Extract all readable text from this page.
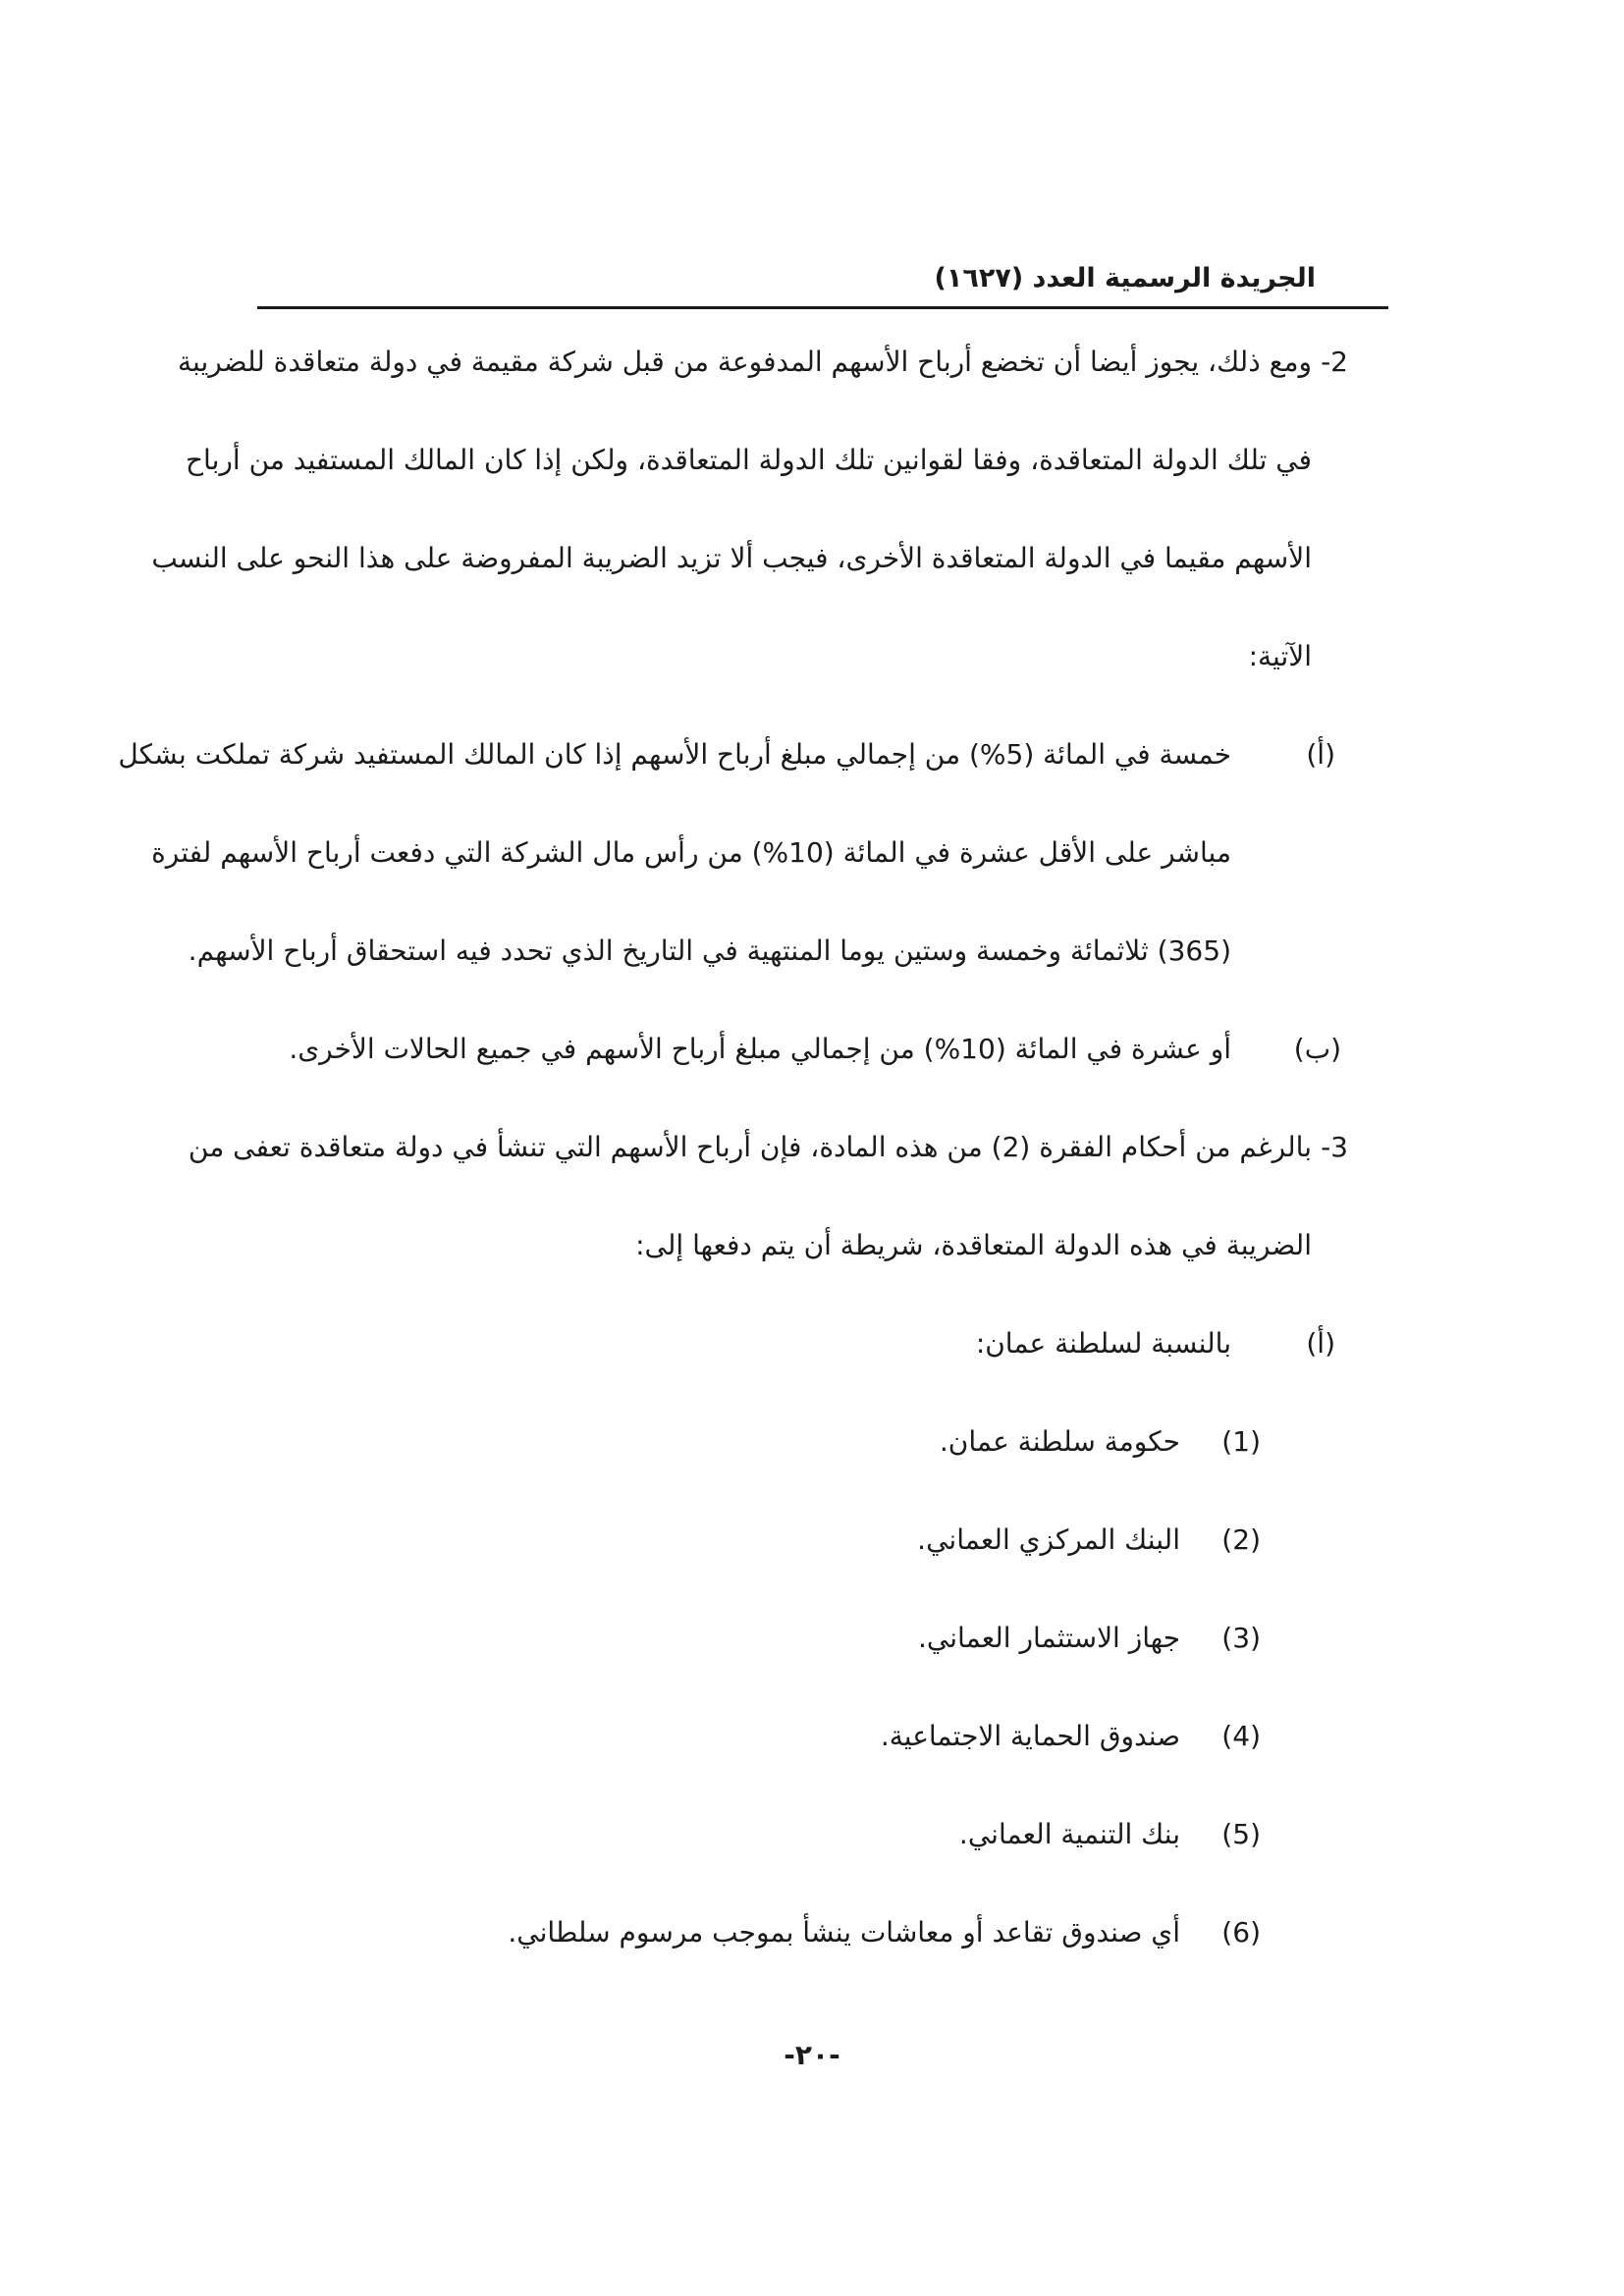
الجريدة الرسمية العدد (١٦٢٧)
2-
ومع ذلك، يجوز أيضا أن تخضع أرباح الأسهم المدفوعة من قبل شركة مقيمة في دولة متعاقدة للضريبة
في تلك الدولة المتعاقدة، وفقا لقوانين تلك الدولة المتعاقدة، ولكن إذا كان المالك المستفيد من أرباح
الأسهم مقيما في الدولة المتعاقدة الأخرى، فيجب ألا تزيد الضريبة المفروضة على هذا النحو على النسب
الآتية:
(أ)
خمسة في المائة (5%) من إجمالي مبلغ أرباح الأسهم إذا كان المالك المستفيد شركة تملكت بشكل
مباشر على الأقل عشرة في المائة (10%) من رأس مال الشركة التي دفعت أرباح الأسهم لفترة
(365) ثلاثمائة وخمسة وستين يوما المنتهية في التاريخ الذي تحدد فيه استحقاق أرباح الأسهم.
(ب)
أو عشرة في المائة (10%) من إجمالي مبلغ أرباح الأسهم في جميع الحالات الأخرى.
3-
بالرغم من أحكام الفقرة (2) من هذه المادة، فإن أرباح الأسهم التي تنشأ في دولة متعاقدة تعفى من
الضريبة في هذه الدولة المتعاقدة، شريطة أن يتم دفعها إلى:
(أ)
بالنسبة لسلطنة عمان:
(1)
حكومة سلطنة عمان.
(2)
البنك المركزي العماني.
(3)
جهاز الاستثمار العماني.
(4)
صندوق الحماية الاجتماعية.
(5)
بنك التنمية العماني.
(6)
أي صندوق تقاعد أو معاشات ينشأ بموجب مرسوم سلطاني.
-٢٠-
